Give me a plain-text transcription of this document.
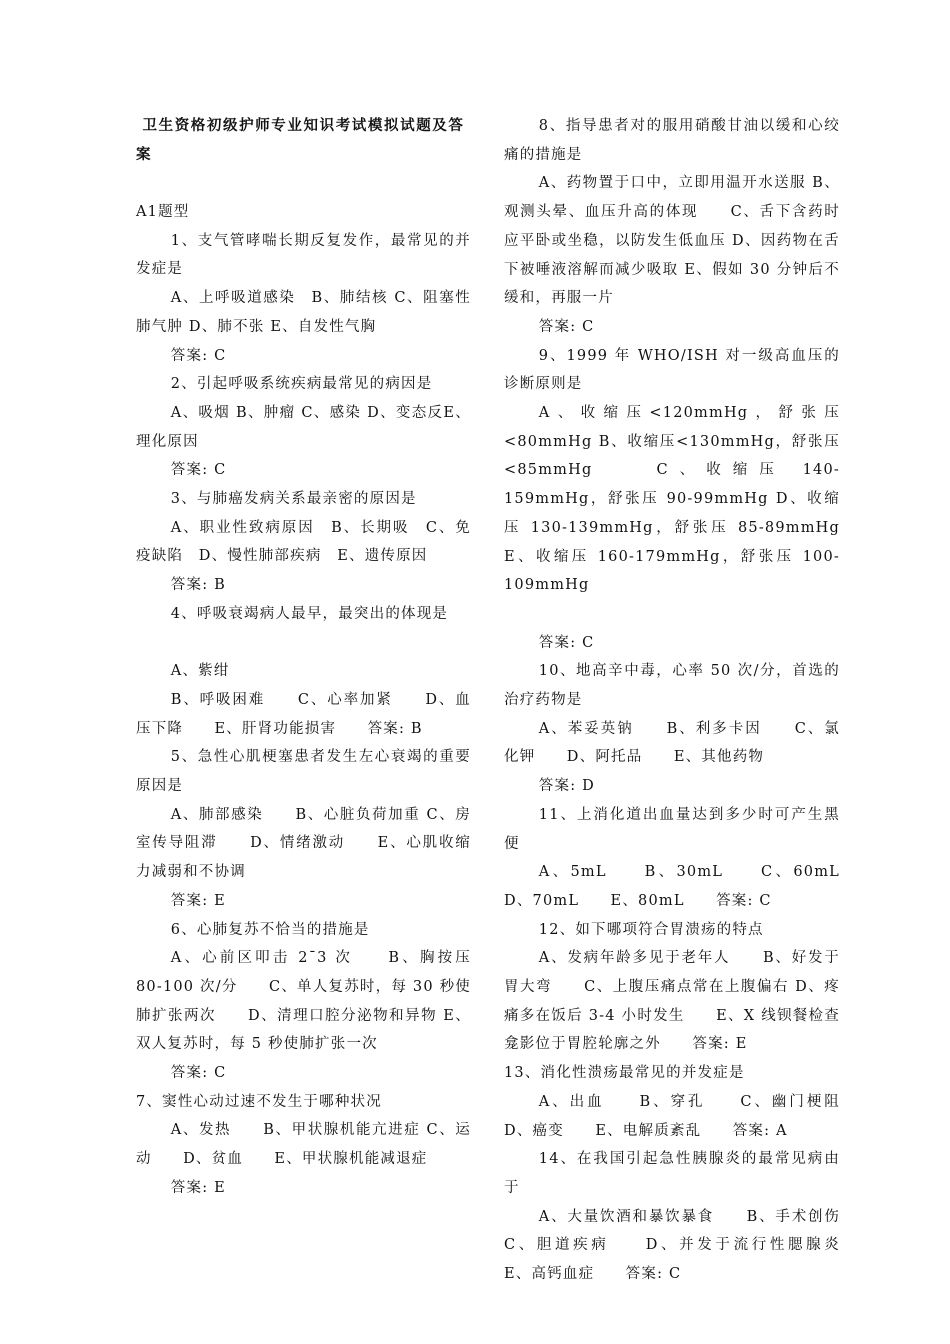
卫生资格初级护师专业知识考试模拟试题及答案

A1题型

1、支气管哮喘长期反复发作，最常见的并发症是

A、上呼吸道感染　B、肺结核 C、阻塞性肺气肿 D、肺不张 E、自发性气胸

答案: C

2、引起呼吸系统疾病最常见的病因是

A、吸烟 B、肿瘤 C、感染 D、变态反E、理化原因

答案: C

3、与肺癌发病关系最亲密的原因是

A、职业性致病原因　B、长期吸　C、免疫缺陷　D、慢性肺部疾病　E、遗传原因

答案: B

4、呼吸衰竭病人最早，最突出的体现是

A、紫绀

B、呼吸困难　　C、心率加紧　　D、血压下降　　E、肝肾功能损害　　答案: B

5、急性心肌梗塞患者发生左心衰竭的重要原因是

A、肺部感染　　B、心脏负荷加重 C、房室传导阻滞　　D、情绪激动　　E、心肌收缩力减弱和不协调

答案: E

6、心肺复苏不恰当的措施是

A、心前区叩击 2¯3 次　　B、胸按压 80-100 次/分　　C、单人复苏时，每 30 秒使肺扩张两次　　D、清理口腔分泌物和异物 E、双人复苏时，每 5 秒使肺扩张一次

答案: C

7、窦性心动过速不发生于哪种状况

A、发热　　B、甲状腺机能亢进症 C、运动　　D、贫血　　E、甲状腺机能减退症

答案: E

8、指导患者对的服用硝酸甘油以缓和心绞痛的措施是

A、药物置于口中，立即用温开水送服 B、观测头晕、血压升高的体现　　C、舌下含药时应平卧或坐稳，以防发生低血压 D、因药物在舌下被唾液溶解而减少吸取 E、假如 30 分钟后不缓和，再服一片

答案: C

9、1999 年 WHO/ISH 对一级高血压的诊断原则是

A、收缩压<120mmHg，舒张压<80mmHg B、收缩压<130mmHg，舒张压<85mmHg　　C、收缩压 140-159mmHg，舒张压 90-99mmHg D、收缩压 130-139mmHg，舒张压 85-89mmHg E、收缩压 160-179mmHg，舒张压 100-109mmHg

答案: C

10、地高辛中毒，心率 50 次/分，首选的治疗药物是

A、苯妥英钠　　B、利多卡因　　C、氯化钾　　D、阿托品　　E、其他药物

答案: D

11、上消化道出血量达到多少时可产生黑便

A、5mL　　B、30mL　　C、60mL D、70mL　　E、80mL　　答案: C

12、如下哪项符合胃溃疡的特点

A、发病年龄多见于老年人　　B、好发于胃大弯　　C、上腹压痛点常在上腹偏右 D、疼痛多在饭后 3-4 小时发生　　E、X 线钡餐检查龛影位于胃腔轮廓之外　　答案: E

13、消化性溃疡最常见的并发症是

A、出血　　B、穿孔　　C、幽门梗阻 D、癌变　　E、电解质紊乱　　答案: A

14、在我国引起急性胰腺炎的最常见病由于

A、大量饮酒和暴饮暴食　　B、手术创伤　　C、胆道疾病　　D、并发于流行性腮腺炎　　E、高钙血症　　答案: C
